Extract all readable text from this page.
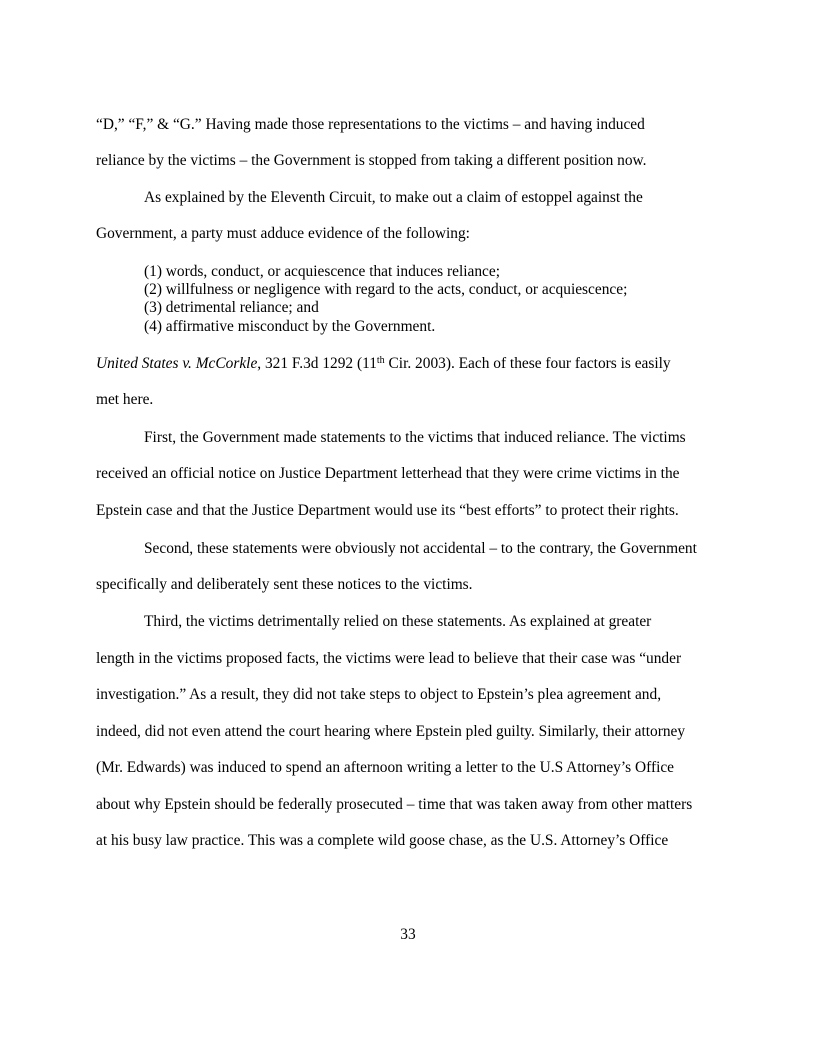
“D,” “F,” & “G.” Having made those representations to the victims – and having induced
reliance by the victims – the Government is stopped from taking a different position now.
As explained by the Eleventh Circuit, to make out a claim of estoppel against the
Government, a party must adduce evidence of the following:
(1) words, conduct, or acquiescence that induces reliance;
(2) willfulness or negligence with regard to the acts, conduct, or acquiescence;
(3) detrimental reliance; and
(4) affirmative misconduct by the Government.
United States v. McCorkle, 321 F.3d 1292 (11th Cir. 2003). Each of these four factors is easily
met here.
First, the Government made statements to the victims that induced reliance. The victims
received an official notice on Justice Department letterhead that they were crime victims in the
Epstein case and that the Justice Department would use its “best efforts” to protect their rights.
Second, these statements were obviously not accidental – to the contrary, the Government
specifically and deliberately sent these notices to the victims.
Third, the victims detrimentally relied on these statements. As explained at greater
length in the victims proposed facts, the victims were lead to believe that their case was “under
investigation.” As a result, they did not take steps to object to Epstein’s plea agreement and,
indeed, did not even attend the court hearing where Epstein pled guilty. Similarly, their attorney
(Mr. Edwards) was induced to spend an afternoon writing a letter to the U.S Attorney’s Office
about why Epstein should be federally prosecuted – time that was taken away from other matters
at his busy law practice. This was a complete wild goose chase, as the U.S. Attorney’s Office
33
